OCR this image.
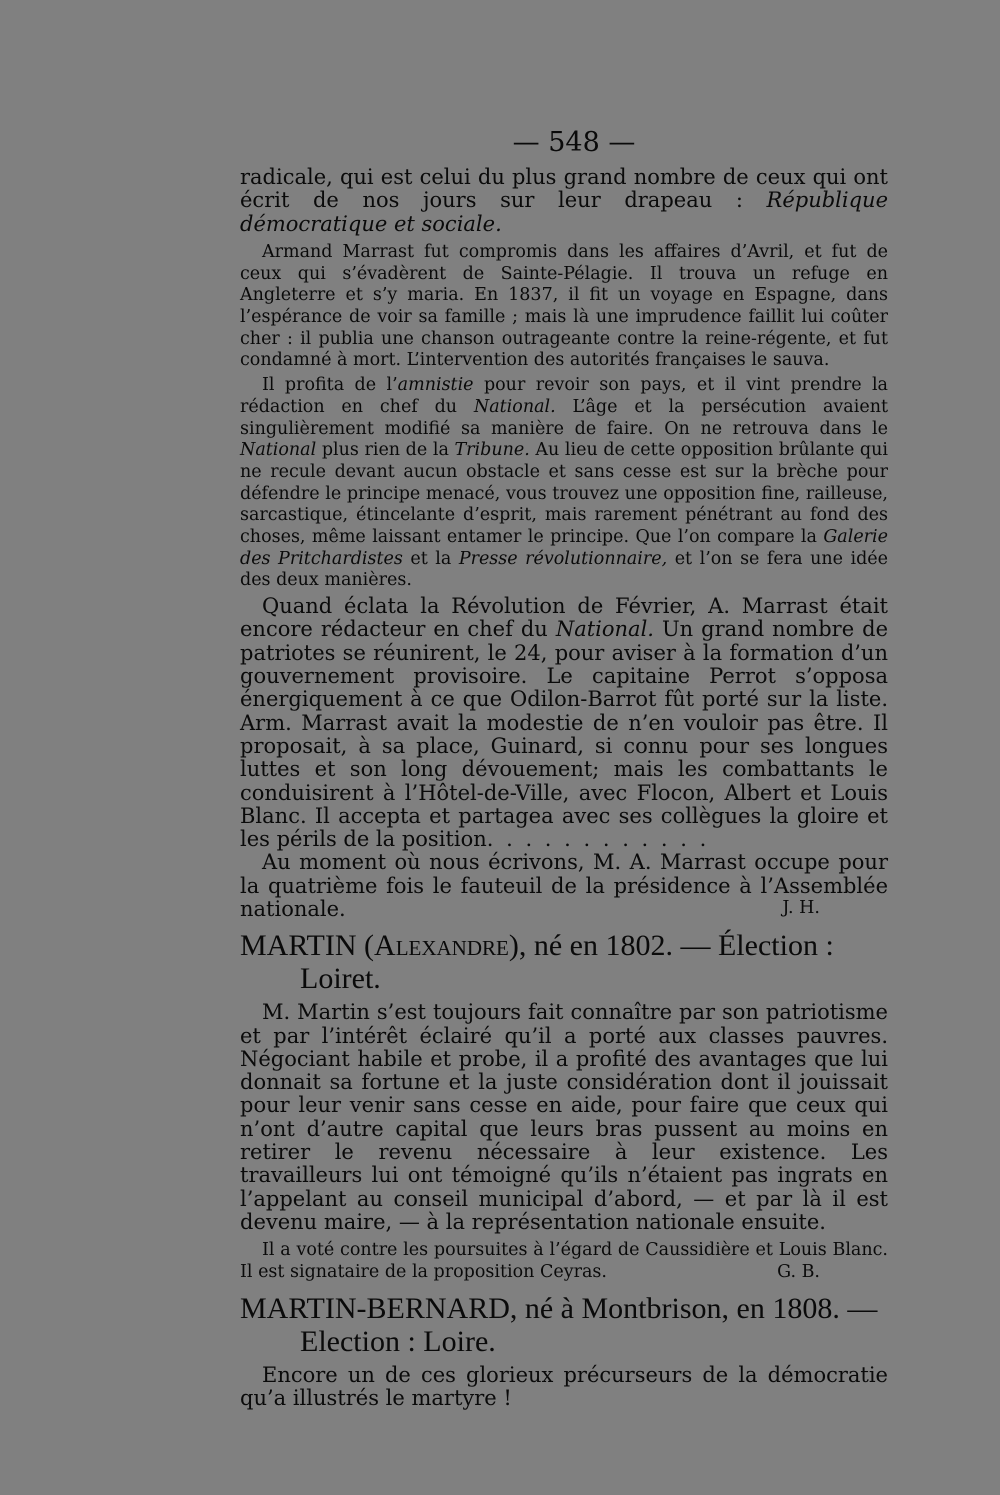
— 548 —

radicale, qui est celui du plus grand nombre de ceux qui ont écrit de nos jours sur leur drapeau : République démocratique et sociale.

Armand Marrast fut compromis dans les affaires d’Avril, et fut de ceux qui s’évadèrent de Sainte-Pélagie. Il trouva un refuge en Angleterre et s’y maria. En 1837, il fit un voyage en Espagne, dans l’espérance de voir sa famille ; mais là une imprudence faillit lui coûter cher : il publia une chanson outrageante contre la reine-régente, et fut condamné à mort. L’intervention des autorités françaises le sauva.

Il profita de l’amnistie pour revoir son pays, et il vint prendre la rédaction en chef du National. L’âge et la persécution avaient singulièrement modifié sa manière de faire. On ne retrouva dans le National plus rien de la Tribune. Au lieu de cette opposition brûlante qui ne recule devant aucun obstacle et sans cesse est sur la brèche pour défendre le principe menacé, vous trouvez une opposition fine, railleuse, sarcastique, étincelante d’esprit, mais rarement pénétrant au fond des choses, même laissant entamer le principe. Que l’on compare la Galerie des Pritchardistes et la Presse révolutionnaire, et l’on se fera une idée des deux manières.

Quand éclata la Révolution de Février, A. Marrast était encore rédacteur en chef du National. Un grand nombre de patriotes se réunirent, le 24, pour aviser à la formation d’un gouvernement provisoire. Le capitaine Perrot s’opposa énergiquement à ce que Odilon-Barrot fût porté sur la liste. Arm. Marrast avait la modestie de n’en vouloir pas être. Il proposait, à sa place, Guinard, si connu pour ses longues luttes et son long dévouement; mais les combattants le conduisirent à l’Hôtel-de-Ville, avec Flocon, Albert et Louis Blanc. Il accepta et partagea avec ses collègues la gloire et les périls de la position. . . . . . . . . . . .

Au moment où nous écrivons, M. A. Marrast occupe pour la quatrième fois le fauteuil de la présidence à l’Assemblée nationale.	J. H.

MARTIN (Alexandre), né en 1802. — Élection : Loiret.

M. Martin s’est toujours fait connaître par son patriotisme et par l’intérêt éclairé qu’il a porté aux classes pauvres. Négociant habile et probe, il a profité des avantages que lui donnait sa fortune et la juste considération dont il jouissait pour leur venir sans cesse en aide, pour faire que ceux qui n’ont d’autre capital que leurs bras pussent au moins en retirer le revenu nécessaire à leur existence. Les travailleurs lui ont témoigné qu’ils n’étaient pas ingrats en l’appelant au conseil municipal d’abord, — et par là il est devenu maire, — à la représentation nationale ensuite.

Il a voté contre les poursuites à l’égard de Caussidière et Louis Blanc. Il est signataire de la proposition Ceyras.	G. B.

MARTIN-BERNARD, né à Montbrison, en 1808. — Election : Loire.

Encore un de ces glorieux précurseurs de la démocratie qu’a illustrés le martyre !
